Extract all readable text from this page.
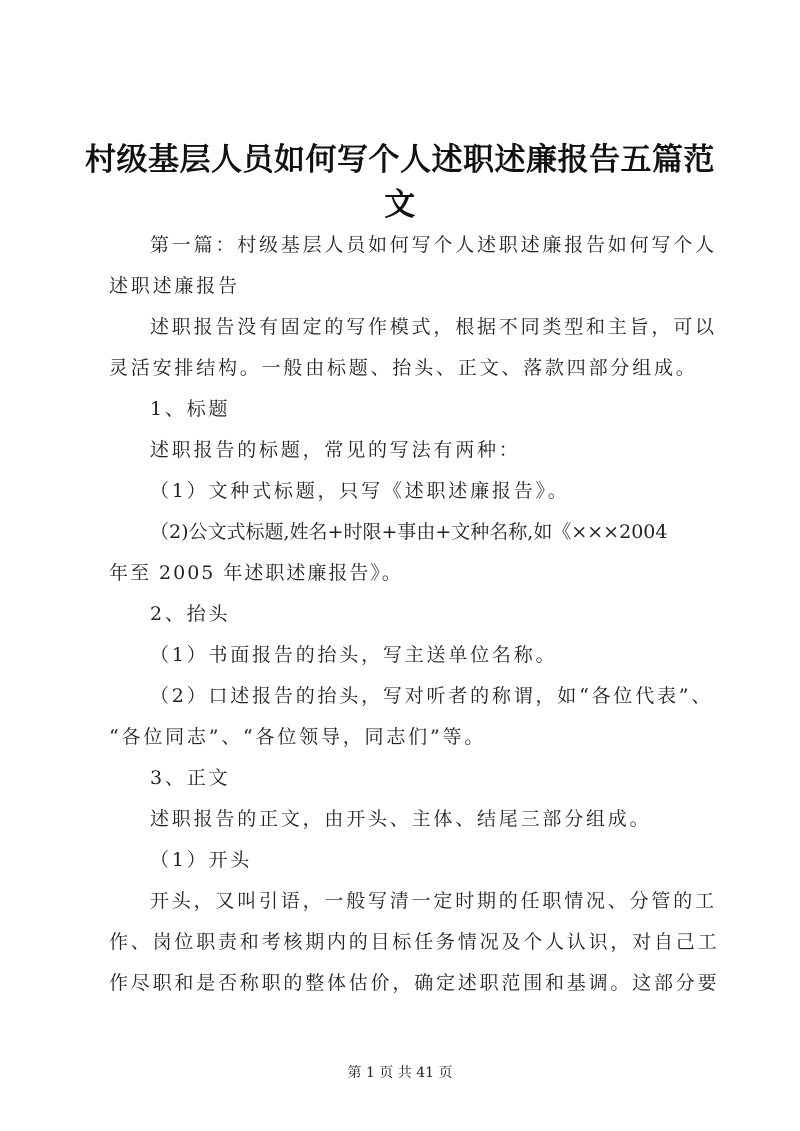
村级基层人员如何写个人述职述廉报告五篇范
文

第一篇：村级基层人员如何写个人述职述廉报告如何写个人

述职述廉报告

述职报告没有固定的写作模式，根据不同类型和主旨，可以

灵活安排结构。一般由标题、抬头、正文、落款四部分组成。

1、标题

述职报告的标题，常见的写法有两种：

（1）文种式标题，只写《述职述廉报告》。

（2)公文式标题,姓名+时限+事由+文种名称,如《×××2004

年至 2005 年述职述廉报告》。

2、抬头

（1）书面报告的抬头，写主送单位名称。

（2）口述报告的抬头，写对听者的称谓，如“各位代表”、

“各位同志”、“各位领导，同志们”等。

3、正文

述职报告的正文，由开头、主体、结尾三部分组成。

（1）开头

开头，又叫引语，一般写清一定时期的任职情况、分管的工

作、岗位职责和考核期内的目标任务情况及个人认识，对自己工

作尽职和是否称职的整体估价，确定述职范围和基调。这部分要

第 1 页 共 41 页
